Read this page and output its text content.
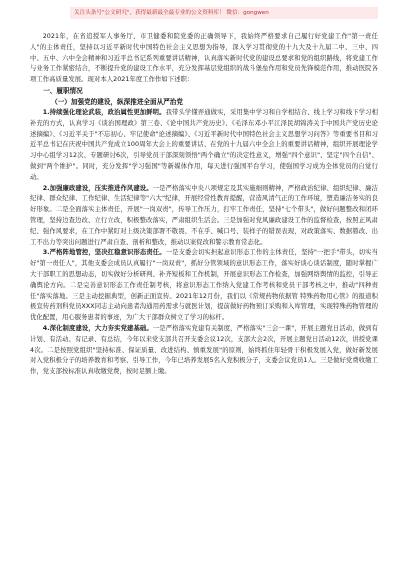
关注头条号"公文研究"，获得最新最全最专业的公文资料库！ 微信：gongwen

2021年，在省追授军人事务厅、市卫健委和院党委的正确领导下，我始终严格要求自己履行好党建工作"第一责任人"的主体责任，坚持以习近平新时代中国特色社会主义思想为指导，深入学习贯彻党的十九大及十九届二中、三中、四中、五中、六中全会精神和习近平总书记系列重要讲话精神，认真落实新时代党的建设总要求和党的组织路线，将党建工作与业务工作紧密结合，不断提升党的建设工作水平，充分发挥基层党组织的战斗堡垒作用和党员先锋模范作用，推动医院各项工作高质量发展。现对本人2021年度工作作如下述职：

一、履职情况

（一）加强党的建设，纵深推进全面从严治党

1.持续强化理论武装，政治属性更加鲜明。我带头学懂弄通做实，采用集中学习和自学相结合、线上学习和线下学习相补充的方式，认真学习《谈治国理政》第三卷、《论中国共产党历史》、《毛泽东邓小平江泽民胡锦涛关于中国共产党历史论述摘编》、《习近平关于"不忘初心、牢记使命"论述摘编》、《习近平新时代中国特色社会主义思想学习问答》等重要书目和习近平总书记在庆祝中国共产党成立100周年大会上的重要讲话、在党的十九届六中全会上的重要讲话精神，组织开展理论学习中心组学习12次、专题研讨6次，引导党员干部深刻领悟"两个确立"的决定性意义，增强"四个意识"、坚定"四个自信"、做到"两个维护"。同时，充分发挥"学习强国"等新媒体作用，每天进行强国平台学习，使强国学习成为全体党员的自觉行动。

2.加强廉政建设，压实推进作风建设。一是严格落实中央八项规定及其实施细则精神，严格政治纪律、组织纪律、廉洁纪律、群众纪律、工作纪律、生活纪律等"六大"纪律，开展经常性教育提醒，营造风清气正的工作环境，塑造廉洁务实的良好形象。二是全面落实主体责任，开展"一岗双责"，传导工作压力，打牢工作责任，坚持"七个带头"，做好问题整改和闭环管理，坚持边查边改、立行立改，积极整改落实，严肃组织生活会。三是加强对党风廉政建设工作的监督检查，按照正风肃纪、强作风要求，在工作中紧盯对上级决策部署不敬畏、不在乎、喊口号、装样子的错误表现，对政策落实、数据篡改、出工不出力等突出问题进行严肃自查、剖析和整改，推动以案促改和警示教育常态化。

3.严格阵地管控，坚决扛稳意识形态责任。一是支委会切实担起意识形态工作的主体责任，坚持"一把手"带头，切实当好"第一责任人"，其他支委会成员认真履行"一岗双责"，抓好分管领域的意识形态工作，落实好谈心谈话制度，随时掌握广大干部职工的思想动态，切实做好分析研判、补齐短板和工作机制，开展意识形态工作检查，加强网络舆情的监控，引导正确舆论方向。二是完善意识形态工作责任制考核，将意识形态工作纳入党建工作考核和党员干部考核之中，推动"四种责任"落实落地。三是主动挖掘典型，创新正面宣传。2021年12月份，我们以《常规药物依据管 特殊药物用心管》的报道积极宣传药剂科党员XXX同志主动向患者沟通用药需求与就医计划，提前做好药物预订采购和入库管理，实现特殊药物管理的优化配置，用心服务患者的事迹，为广大干部群众树立了学习的标杆。

4.深化制度建设，大力夯实党建基础。一是严格落实党建有关制度，严格落实"三会一课"，开展主题党日活动，做到有计划、有活动、有记录、有总结，今年以来党支部共召开支委会议12次，支部大会2次，开展主题党日活动12次，讲授党课4次。二是按照党组织"坚持标准、保证质量、改进结构、慎重发展"的原则，始终抓住年轻骨干积极发展入党，做好新发展对入党积极分子的培养教育和考察、引导工作，今年已培养发展5名入党积极分子，支委会议党员1人。三是做好党费收缴工作，党支部按标准认真收缴党费，按时足额上缴。
